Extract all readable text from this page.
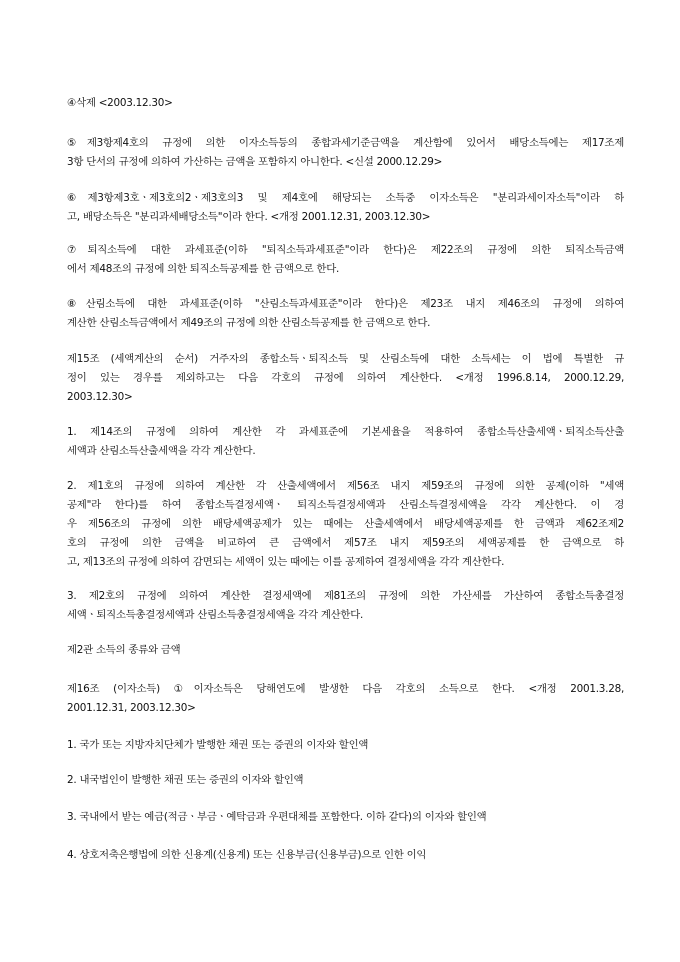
④삭제 <2003.12.30>
⑤제3항제4호의 규정에 의한 이자소득등의 종합과세기준금액을 계산함에 있어서 배당소득에는 제17조제
3항 단서의 규정에 의하여 가산하는 금액을 포함하지 아니한다. <신설 2000.12.29>
⑥제3항제3호ㆍ제3호의2ㆍ제3호의3 및 제4호에 해당되는 소득중 이자소득은 "분리과세이자소득"이라 하
고, 배당소득은 "분리과세배당소득"이라 한다. <개정 2001.12.31, 2003.12.30>
⑦퇴직소득에 대한 과세표준(이하 "퇴직소득과세표준"이라 한다)은 제22조의 규정에 의한 퇴직소득금액
에서 제48조의 규정에 의한 퇴직소득공제를 한 금액으로 한다.
⑧산림소득에 대한 과세표준(이하 "산림소득과세표준"이라 한다)은 제23조 내지 제46조의 규정에 의하여
계산한 산림소득금액에서 제49조의 규정에 의한 산림소득공제를 한 금액으로 한다.
제15조 (세액계산의 순서) 거주자의 종합소득ㆍ퇴직소득 및 산림소득에 대한 소득세는 이 법에 특별한 규
정이 있는 경우를 제외하고는 다음 각호의 규정에 의하여 계산한다. <개정 1996.8.14, 2000.12.29,
2003.12.30>
1. 제14조의 규정에 의하여 계산한 각 과세표준에 기본세율을 적용하여 종합소득산출세액ㆍ퇴직소득산출
세액과 산림소득산출세액을 각각 계산한다.
2. 제1호의 규정에 의하여 계산한 각 산출세액에서 제56조 내지 제59조의 규정에 의한 공제(이하 "세액
공제"라 한다)를 하여 종합소득결정세액ㆍ 퇴직소득결정세액과 산림소득결정세액을 각각 계산한다. 이 경
우 제56조의 규정에 의한 배당세액공제가 있는 때에는 산출세액에서 배당세액공제를 한 금액과 제62조제2
호의 규정에 의한 금액을 비교하여 큰 금액에서 제57조 내지 제59조의 세액공제를 한 금액으로 하
고, 제13조의 규정에 의하여 감면되는 세액이 있는 때에는 이를 공제하여 결정세액을 각각 계산한다.
3. 제2호의 규정에 의하여 계산한 결정세액에 제81조의 규정에 의한 가산세를 가산하여 종합소득총결정
세액ㆍ퇴직소득총결정세액과 산림소득총결정세액을 각각 계산한다.
제2관 소득의 종류와 금액
제16조 (이자소득) ①이자소득은 당해연도에 발생한 다음 각호의 소득으로 한다. <개정 2001.3.28,
2001.12.31, 2003.12.30>
1. 국가 또는 지방자치단체가 발행한 채권 또는 증권의 이자와 할인액
2. 내국법인이 발행한 채권 또는 증권의 이자와 할인액
3. 국내에서 받는 예금(적금ㆍ부금ㆍ예탁금과 우편대체를 포함한다. 이하 같다)의 이자와 할인액
4. 상호저축은행법에 의한 신용계(신용계) 또는 신용부금(신용부금)으로 인한 이익
